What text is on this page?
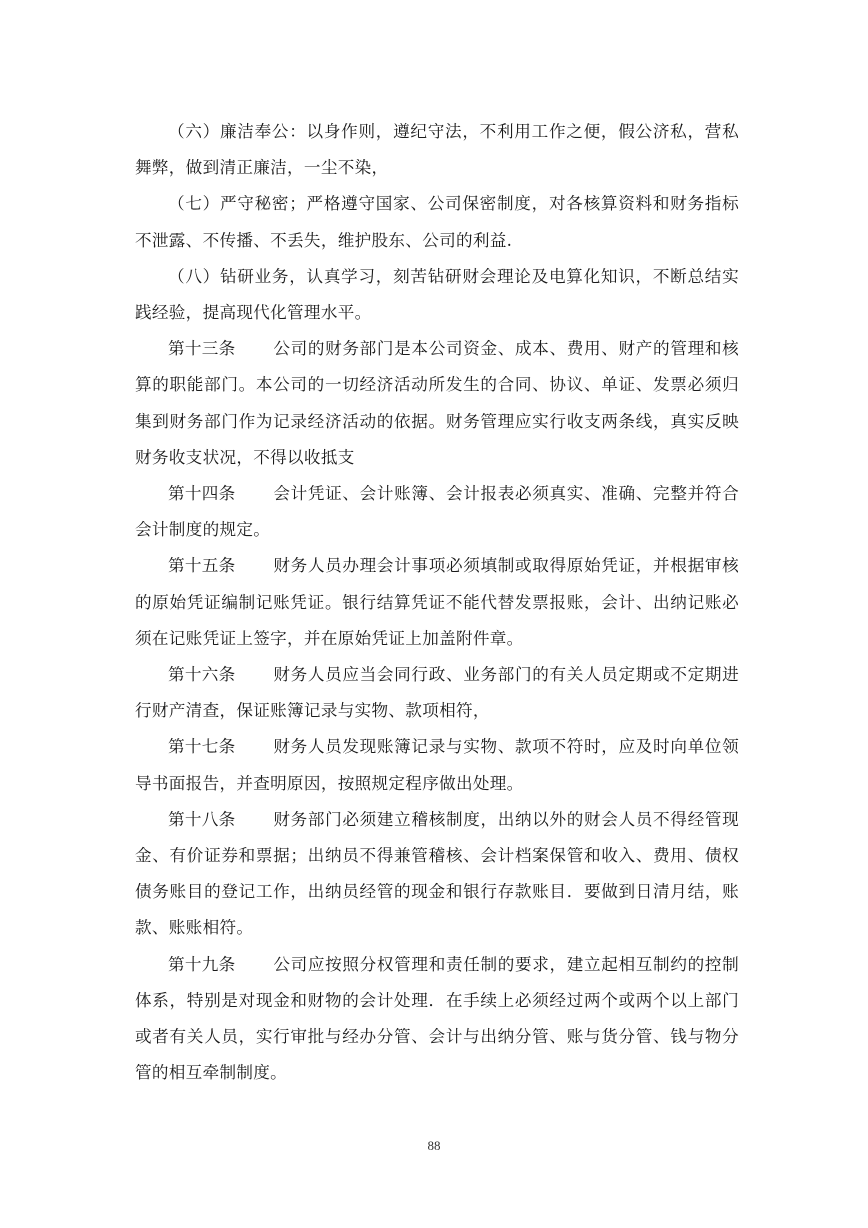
（六）廉洁奉公：以身作则，遵纪守法，不利用工作之便，假公济私，营私舞弊，做到清正廉洁，一尘不染，

（七）严守秘密；严格遵守国家、公司保密制度，对各核算资料和财务指标不泄露、不传播、不丢失，维护股东、公司的利益.

（八）钻研业务，认真学习，刻苦钻研财会理论及电算化知识，不断总结实践经验，提高现代化管理水平。

第十三条 公司的财务部门是本公司资金、成本、费用、财产的管理和核算的职能部门。本公司的一切经济活动所发生的合同、协议、单证、发票必须归集到财务部门作为记录经济活动的依据。财务管理应实行收支两条线，真实反映财务收支状况，不得以收抵支

第十四条 会计凭证、会计账簿、会计报表必须真实、准确、完整并符合会计制度的规定。

第十五条 财务人员办理会计事项必须填制或取得原始凭证，并根据审核的原始凭证编制记账凭证。银行结算凭证不能代替发票报账，会计、出纳记账必须在记账凭证上签字，并在原始凭证上加盖附件章。

第十六条 财务人员应当会同行政、业务部门的有关人员定期或不定期进行财产清查，保证账簿记录与实物、款项相符，

第十七条 财务人员发现账簿记录与实物、款项不符时，应及时向单位领导书面报告，并查明原因，按照规定程序做出处理。

第十八条 财务部门必须建立稽核制度，出纳以外的财会人员不得经管现金、有价证券和票据；出纳员不得兼管稽核、会计档案保管和收入、费用、债权债务账目的登记工作，出纳员经管的现金和银行存款账目．要做到日清月结，账款、账账相符。

第十九条 公司应按照分权管理和责任制的要求，建立起相互制约的控制体系，特别是对现金和财物的会计处理．在手续上必须经过两个或两个以上部门或者有关人员，实行审批与经办分管、会计与出纳分管、账与货分管、钱与物分管的相互牵制制度。

88
